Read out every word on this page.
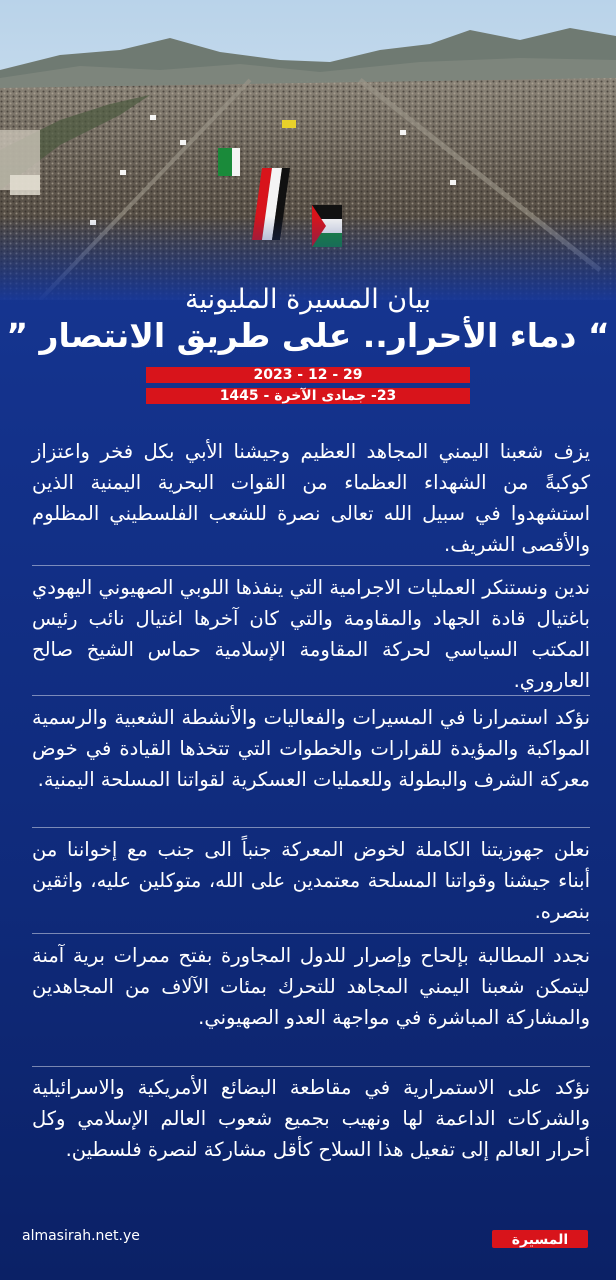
بيان المسيرة المليونية
“ دماء الأحرار.. على طريق الانتصار ”
2023 - 12 - 29
23- جمادى الآخرة - 1445
يزف شعبنا اليمني المجاهد العظيم وجيشنا الأبي بكل فخر واعتزاز كوكبةً من الشهداء العظماء من القوات البحرية اليمنية الذين استشهدوا في سبيل الله تعالى نصرة للشعب الفلسطيني المظلوم والأقصى الشريف.
ندين ونستنكر العمليات الاجرامية التي ينفذها اللوبي الصهيوني اليهودي باغتيال قادة الجهاد والمقاومة والتي كان آخرها اغتيال نائب رئيس المكتب السياسي لحركة المقاومة الإسلامية حماس الشيخ صالح العاروري.
نؤكد استمرارنا في المسيرات والفعاليات والأنشطة الشعبية والرسمية المواكبة والمؤيدة للقرارات والخطوات التي تتخذها القيادة في خوض معركة الشرف والبطولة وللعمليات العسكرية لقواتنا المسلحة اليمنية.
نعلن جهوزيتنا الكاملة لخوض المعركة جنباً الى جنب مع إخواننا من أبناء جيشنا وقواتنا المسلحة معتمدين على الله، متوكلين عليه، واثقين بنصره.
نجدد المطالبة بإلحاح وإصرار للدول المجاورة بفتح ممرات برية آمنة ليتمكن شعبنا اليمني المجاهد للتحرك بمئات الآلاف من المجاهدين والمشاركة المباشرة في مواجهة العدو الصهيوني.
نؤكد على الاستمرارية في مقاطعة البضائع الأمريكية والاسرائيلية والشركات الداعمة لها ونهيب بجميع شعوب العالم الإسلامي وكل أحرار العالم إلى تفعيل هذا السلاح كأقل مشاركة لنصرة فلسطين.
almasirah.net.ye	المسيرة
